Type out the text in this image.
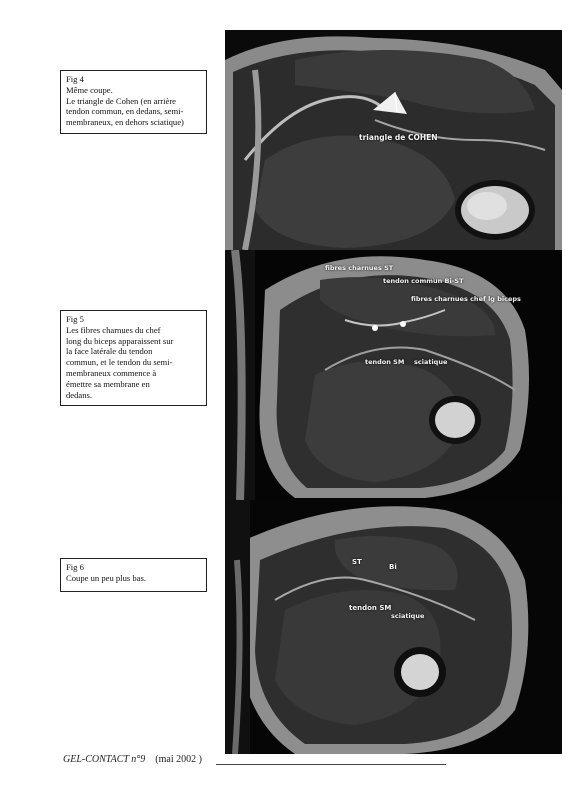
Fig 4
Même coupe.
Le triangle de Cohen (en arrière
tendon commun, en dedans, semi-
membraneux, en dehors sciatique)
triangle de COHEN
Fig 5
Les fibres charnues du chef
long du biceps apparaissent sur
la face latérale du tendon
commun, et le tendon du semi-
membraneux commence à
émettre sa membrane en
dedans.
fibres charnues ST
tendon commun Bi-ST
fibres charnues chef lg biceps
tendon SM sciatique
Fig 6
Coupe un peu plus bas.
ST
Bi
tendon SM
sciatique
GEL-CONTACT n°9 (mai 2002 )
